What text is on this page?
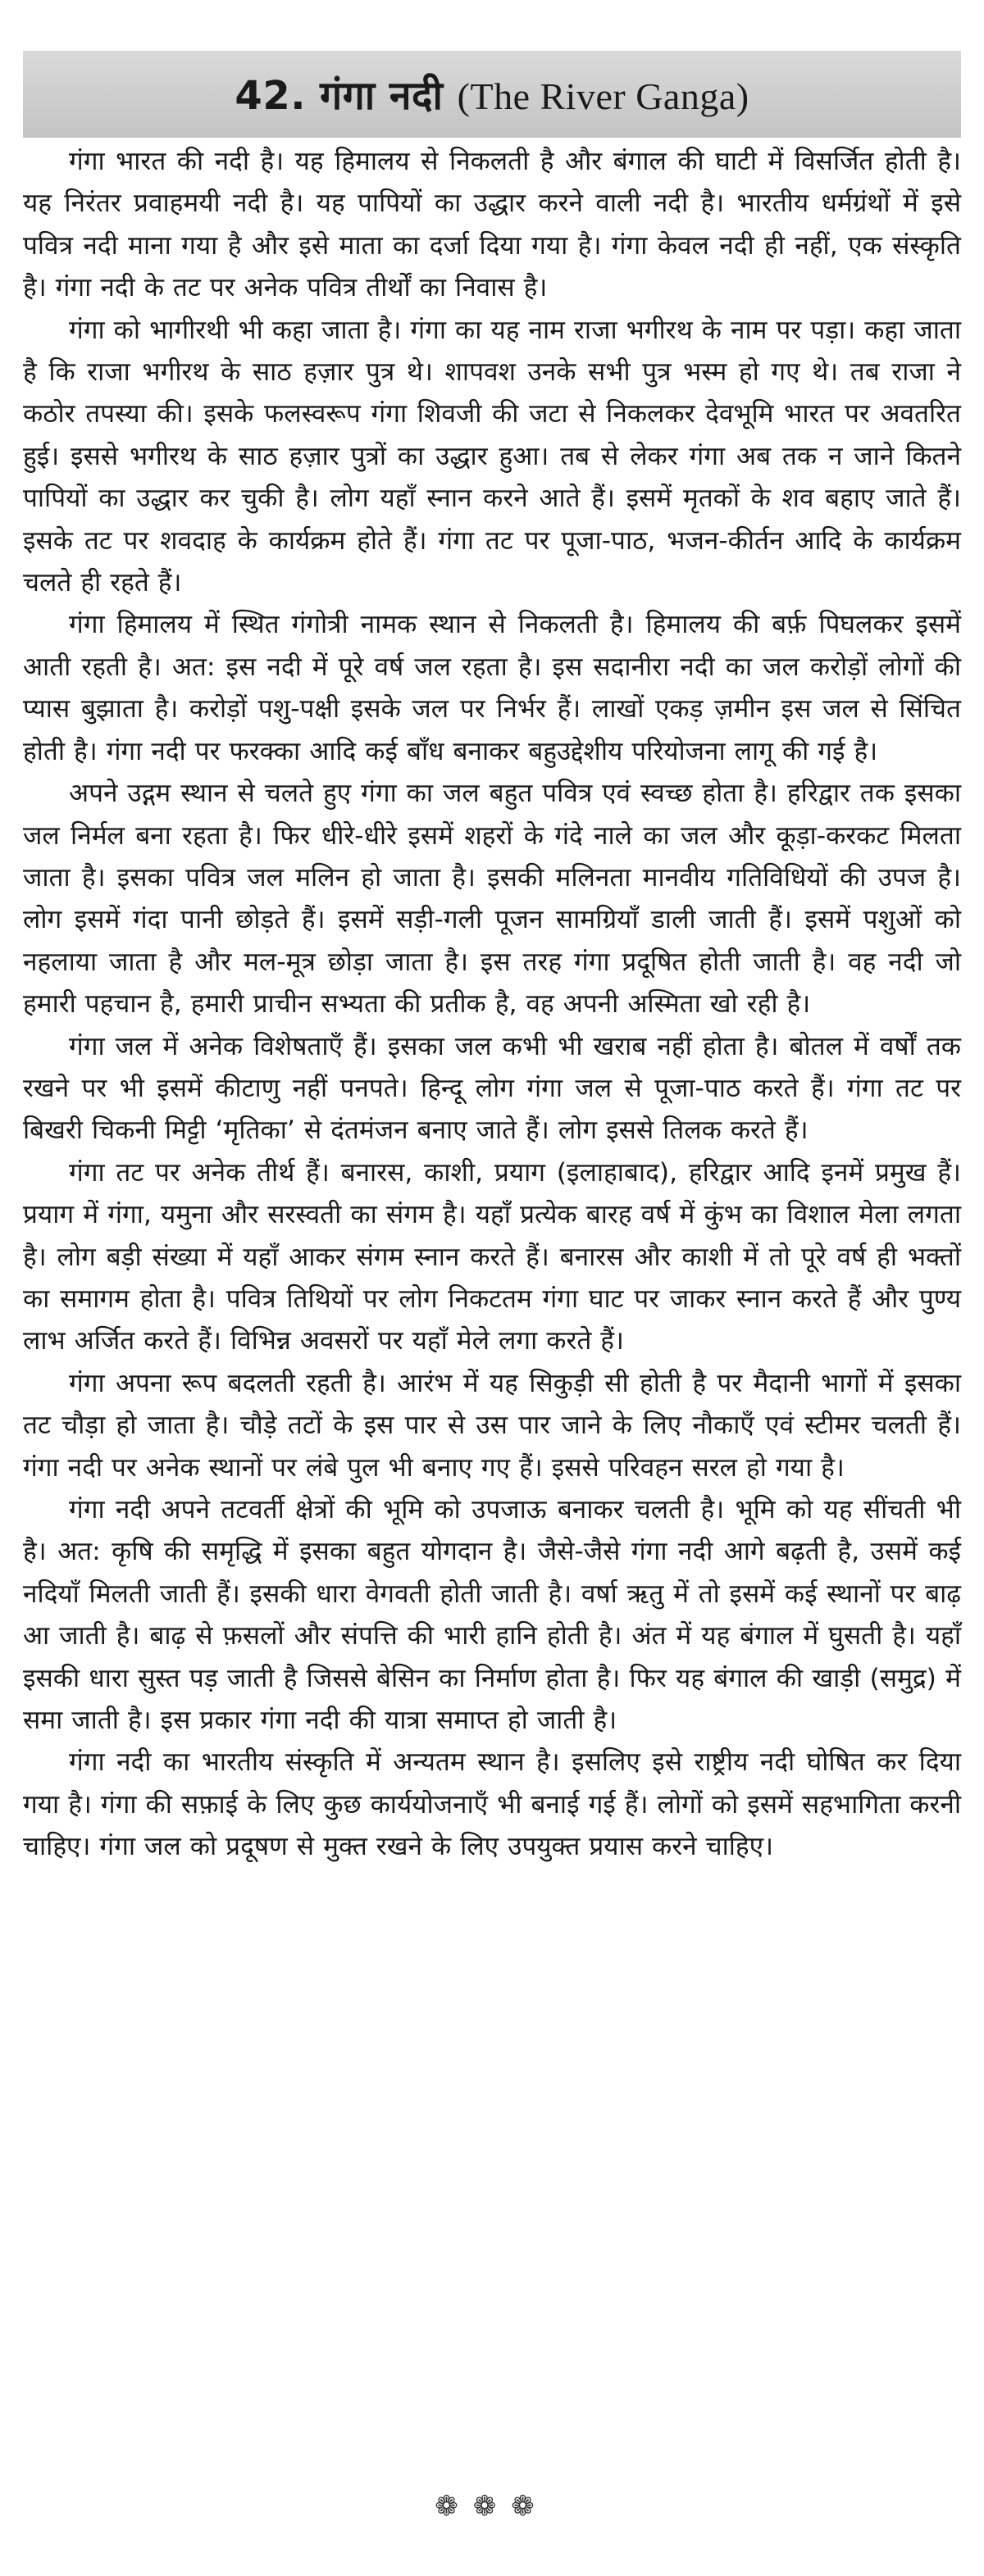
42. गंगा नदी (The River Ganga)

गंगा भारत की नदी है। यह हिमालय से निकलती है और बंगाल की घाटी में विसर्जित होती है। यह निरंतर प्रवाहमयी नदी है। यह पापियों का उद्धार करने वाली नदी है। भारतीय धर्मग्रंथों में इसे पवित्र नदी माना गया है और इसे माता का दर्जा दिया गया है। गंगा केवल नदी ही नहीं, एक संस्कृति है। गंगा नदी के तट पर अनेक पवित्र तीर्थों का निवास है।

गंगा को भागीरथी भी कहा जाता है। गंगा का यह नाम राजा भगीरथ के नाम पर पड़ा। कहा जाता है कि राजा भगीरथ के साठ हज़ार पुत्र थे। शापवश उनके सभी पुत्र भस्म हो गए थे। तब राजा ने कठोर तपस्या की। इसके फलस्वरूप गंगा शिवजी की जटा से निकलकर देवभूमि भारत पर अवतरित हुई। इससे भगीरथ के साठ हज़ार पुत्रों का उद्धार हुआ। तब से लेकर गंगा अब तक न जाने कितने पापियों का उद्धार कर चुकी है। लोग यहाँ स्नान करने आते हैं। इसमें मृतकों के शव बहाए जाते हैं। इसके तट पर शवदाह के कार्यक्रम होते हैं। गंगा तट पर पूजा-पाठ, भजन-कीर्तन आदि के कार्यक्रम चलते ही रहते हैं।

गंगा हिमालय में स्थित गंगोत्री नामक स्थान से निकलती है। हिमालय की बर्फ़ पिघलकर इसमें आती रहती है। अत: इस नदी में पूरे वर्ष जल रहता है। इस सदानीरा नदी का जल करोड़ों लोगों की प्यास बुझाता है। करोड़ों पशु-पक्षी इसके जल पर निर्भर हैं। लाखों एकड़ ज़मीन इस जल से सिंचित होती है। गंगा नदी पर फरक्का आदि कई बाँध बनाकर बहुउद्देशीय परियोजना लागू की गई है।

अपने उद्गम स्थान से चलते हुए गंगा का जल बहुत पवित्र एवं स्वच्छ होता है। हरिद्वार तक इसका जल निर्मल बना रहता है। फिर धीरे-धीरे इसमें शहरों के गंदे नाले का जल और कूड़ा-करकट मिलता जाता है। इसका पवित्र जल मलिन हो जाता है। इसकी मलिनता मानवीय गतिविधियों की उपज है। लोग इसमें गंदा पानी छोड़ते हैं। इसमें सड़ी-गली पूजन सामग्रियाँ डाली जाती हैं। इसमें पशुओं को नहलाया जाता है और मल-मूत्र छोड़ा जाता है। इस तरह गंगा प्रदूषित होती जाती है। वह नदी जो हमारी पहचान है, हमारी प्राचीन सभ्यता की प्रतीक है, वह अपनी अस्मिता खो रही है।

गंगा जल में अनेक विशेषताएँ हैं। इसका जल कभी भी खराब नहीं होता है। बोतल में वर्षों तक रखने पर भी इसमें कीटाणु नहीं पनपते। हिन्दू लोग गंगा जल से पूजा-पाठ करते हैं। गंगा तट पर बिखरी चिकनी मिट्टी ‘मृतिका’ से दंतमंजन बनाए जाते हैं। लोग इससे तिलक करते हैं।

गंगा तट पर अनेक तीर्थ हैं। बनारस, काशी, प्रयाग (इलाहाबाद), हरिद्वार आदि इनमें प्रमुख हैं। प्रयाग में गंगा, यमुना और सरस्वती का संगम है। यहाँ प्रत्येक बारह वर्ष में कुंभ का विशाल मेला लगता है। लोग बड़ी संख्या में यहाँ आकर संगम स्नान करते हैं। बनारस और काशी में तो पूरे वर्ष ही भक्तों का समागम होता है। पवित्र तिथियों पर लोग निकटतम गंगा घाट पर जाकर स्नान करते हैं और पुण्य लाभ अर्जित करते हैं। विभिन्न अवसरों पर यहाँ मेले लगा करते हैं।

गंगा अपना रूप बदलती रहती है। आरंभ में यह सिकुड़ी सी होती है पर मैदानी भागों में इसका तट चौड़ा हो जाता है। चौड़े तटों के इस पार से उस पार जाने के लिए नौकाएँ एवं स्टीमर चलती हैं। गंगा नदी पर अनेक स्थानों पर लंबे पुल भी बनाए गए हैं। इससे परिवहन सरल हो गया है।

गंगा नदी अपने तटवर्ती क्षेत्रों की भूमि को उपजाऊ बनाकर चलती है। भूमि को यह सींचती भी है। अत: कृषि की समृद्धि में इसका बहुत योगदान है। जैसे-जैसे गंगा नदी आगे बढ़ती है, उसमें कई नदियाँ मिलती जाती हैं। इसकी धारा वेगवती होती जाती है। वर्षा ऋतु में तो इसमें कई स्थानों पर बाढ़ आ जाती है। बाढ़ से फ़सलों और संपत्ति की भारी हानि होती है। अंत में यह बंगाल में घुसती है। यहाँ इसकी धारा सुस्त पड़ जाती है जिससे बेसिन का निर्माण होता है। फिर यह बंगाल की खाड़ी (समुद्र) में समा जाती है। इस प्रकार गंगा नदी की यात्रा समाप्त हो जाती है।

गंगा नदी का भारतीय संस्कृति में अन्यतम स्थान है। इसलिए इसे राष्ट्रीय नदी घोषित कर दिया गया है। गंगा की सफ़ाई के लिए कुछ कार्ययोजनाएँ भी बनाई गई हैं। लोगों को इसमें सहभागिता करनी चाहिए। गंगा जल को प्रदूषण से मुक्त रखने के लिए उपयुक्त प्रयास करने चाहिए।

❁❁❁
